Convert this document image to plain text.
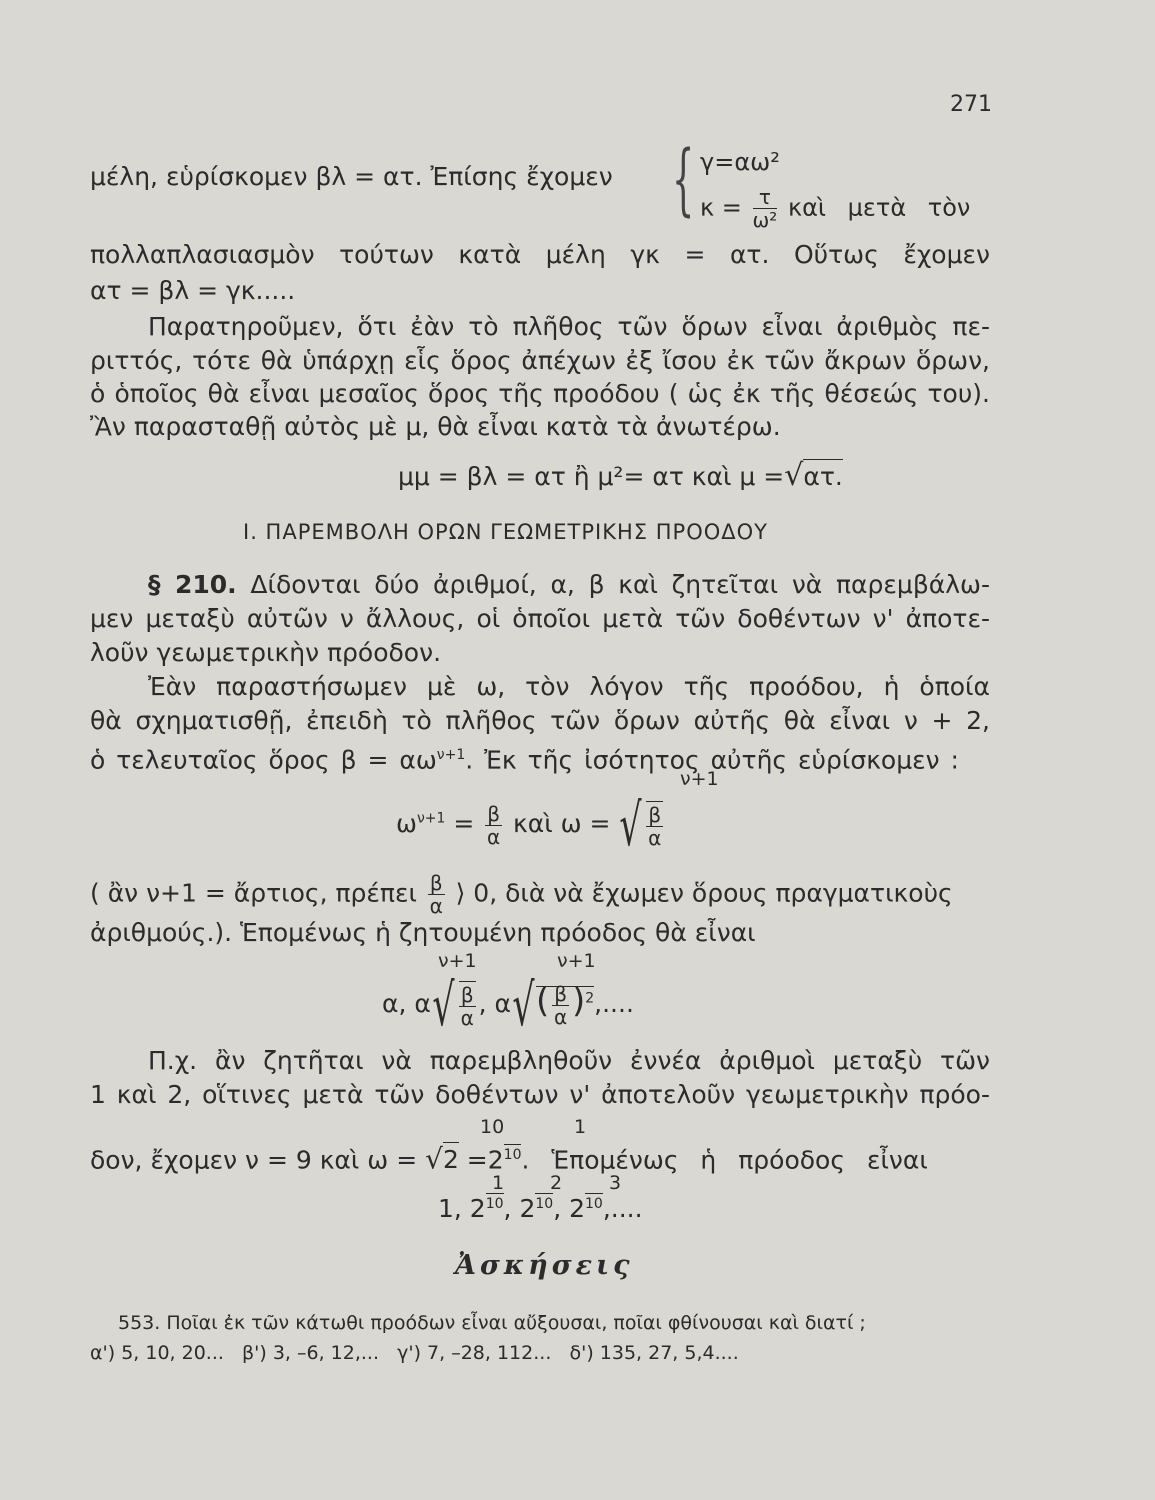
271
μέλη, εὑρίσκομεν βλ = ατ. Ἐπίσης ἔχομεν { γ=αω²
$\kappa = \frac{\tau}{\text{ω²}}$ καὶ μετὰ τὸν
πολλαπλασιασμὸν τούτων κατὰ μέλη γκ = ατ. Οὕτως ἔχομεν
ατ = βλ = γκ.....
Παρατηροῦμεν, ὅτι ἐὰν τὸ πλῆθος τῶν ὅρων εἶναι ἀριθμὸς πε-
ριττός, τότε θὰ ὑπάρχῃ εἷς ὅρος ἀπέχων ἐξ ἴσου ἐκ τῶν ἄκρων ὅρων,
ὁ ὁποῖος θὰ εἶναι μεσαῖος ὅρος τῆς προόδου ( ὡς ἐκ τῆς θέσεώς του).
Ἂν παρασταθῇ αὐτὸς μὲ μ, θὰ εἶναι κατὰ τὰ ἀνωτέρω.
μμ = βλ = ατ ἢ μ²= ατ καὶ μ =√ατ.
I. ΠΑΡΕΜΒΟΛΗ ΟΡΩΝ ΓΕΩΜΕΤΡΙΚΗΣ ΠΡΟΟΔΟΥ
§ 210. Δίδονται δύο ἀριθμοί, α, β καὶ ζητεῖται νὰ παρεμβάλω-
μεν μεταξὺ αὐτῶν ν ἄλλους, οἱ ὁποῖοι μετὰ τῶν δοθέντων ν' ἀποτε-
λοῦν γεωμετρικὴν πρόοδον.
Ἐὰν παραστήσωμεν μὲ ω, τὸν λόγον τῆς προόδου, ἡ ὁποία
θὰ σχηματισθῇ, ἐπειδὴ τὸ πλῆθος τῶν ὅρων αὐτῆς θὰ εἶναι ν + 2,
ὁ τελευταῖος ὅρος $\beta = \alpha\omega^{\nu+1}$. Ἐκ τῆς ἰσότητος αὐτῆς εὑρίσκομεν :
$\omega^{\nu+1} = \frac{\beta}{\alpha}$ καὶ ω = √ $\frac{\beta}{\alpha}$
ν+1
( ἂν ν+1 = ἄρτιος, πρέπει $\frac{\beta}{\alpha}$ ⟩ 0, διὰ νὰ ἔχωμεν ὅρους πραγματικοὺς
ἀριθμούς.). Ἑπομένως ἡ ζητουμένη πρόοδος θὰ εἶναι
ν+1	ν+1
α, $\alpha√ \frac{\beta}{\alpha}$ , $\alpha√( \frac{\beta}{\alpha} )^2$,....
Π.χ. ἂν ζητῆται νὰ παρεμβληθοῦν ἐννέα ἀριθμοὶ μεταξὺ τῶν
1 καὶ 2, οἵτινες μετὰ τῶν δοθέντων ν' ἀποτελοῦν γεωμετρικὴν πρόο-
10	1
δον, ἔχομεν ν = 9 καὶ $\omega = √2 =2^{10}$. Ἑπομένως ἡ πρόοδος εἶναι
1 2 3
1, $2^{10}$, $2^{10}$, $2^{10}$,....
Ἀσκήσεις
553. Ποῖαι ἐκ τῶν κάτωθι προόδων εἶναι αὔξουσαι, ποῖαι φθίνουσαι καὶ διατί ;
α') 5, 10, 20...   β') 3, –6, 12,...   γ') 7, –28, 112...   δ') 135, 27, 5,4....
